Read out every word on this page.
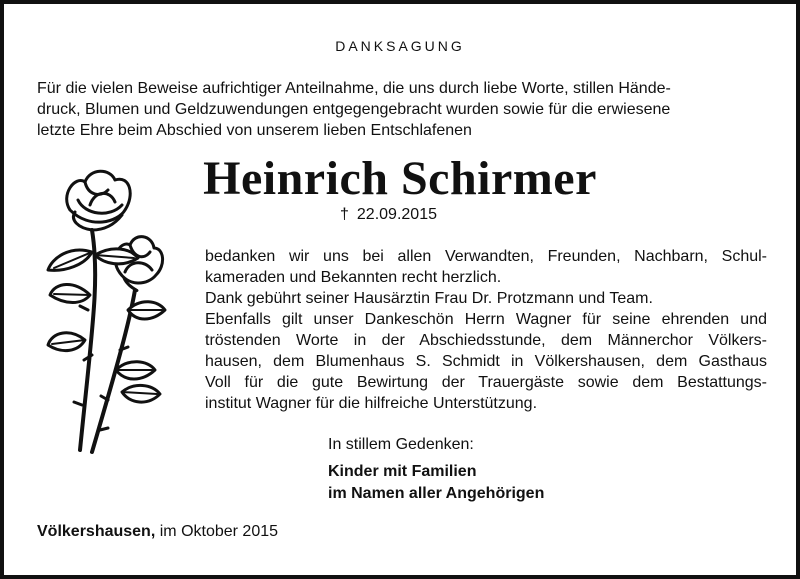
DANKSAGUNG
Für die vielen Beweise aufrichtiger Anteilnahme, die uns durch liebe Worte, stillen Hände-
druck, Blumen und Geldzuwendungen entgegengebracht wurden sowie für die erwiesene
letzte Ehre beim Abschied von unserem lieben Entschlafenen
Heinrich Schirmer
† 22.09.2015
bedanken wir uns bei allen Verwandten, Freunden, Nachbarn, Schul-
kameraden und Bekannten recht herzlich.
Dank gebührt seiner Hausärztin Frau Dr. Protzmann und Team.
Ebenfalls gilt unser Dankeschön Herrn Wagner für seine ehrenden und
tröstenden Worte in der Abschiedsstunde, dem Männerchor Völkers-
hausen, dem Blumenhaus S. Schmidt in Völkershausen, dem Gasthaus
Voll für die gute Bewirtung der Trauergäste sowie dem Bestattungs-
institut Wagner für die hilfreiche Unterstützung.
In stillem Gedenken:
Kinder mit Familien
im Namen aller Angehörigen
Völkershausen, im Oktober 2015
